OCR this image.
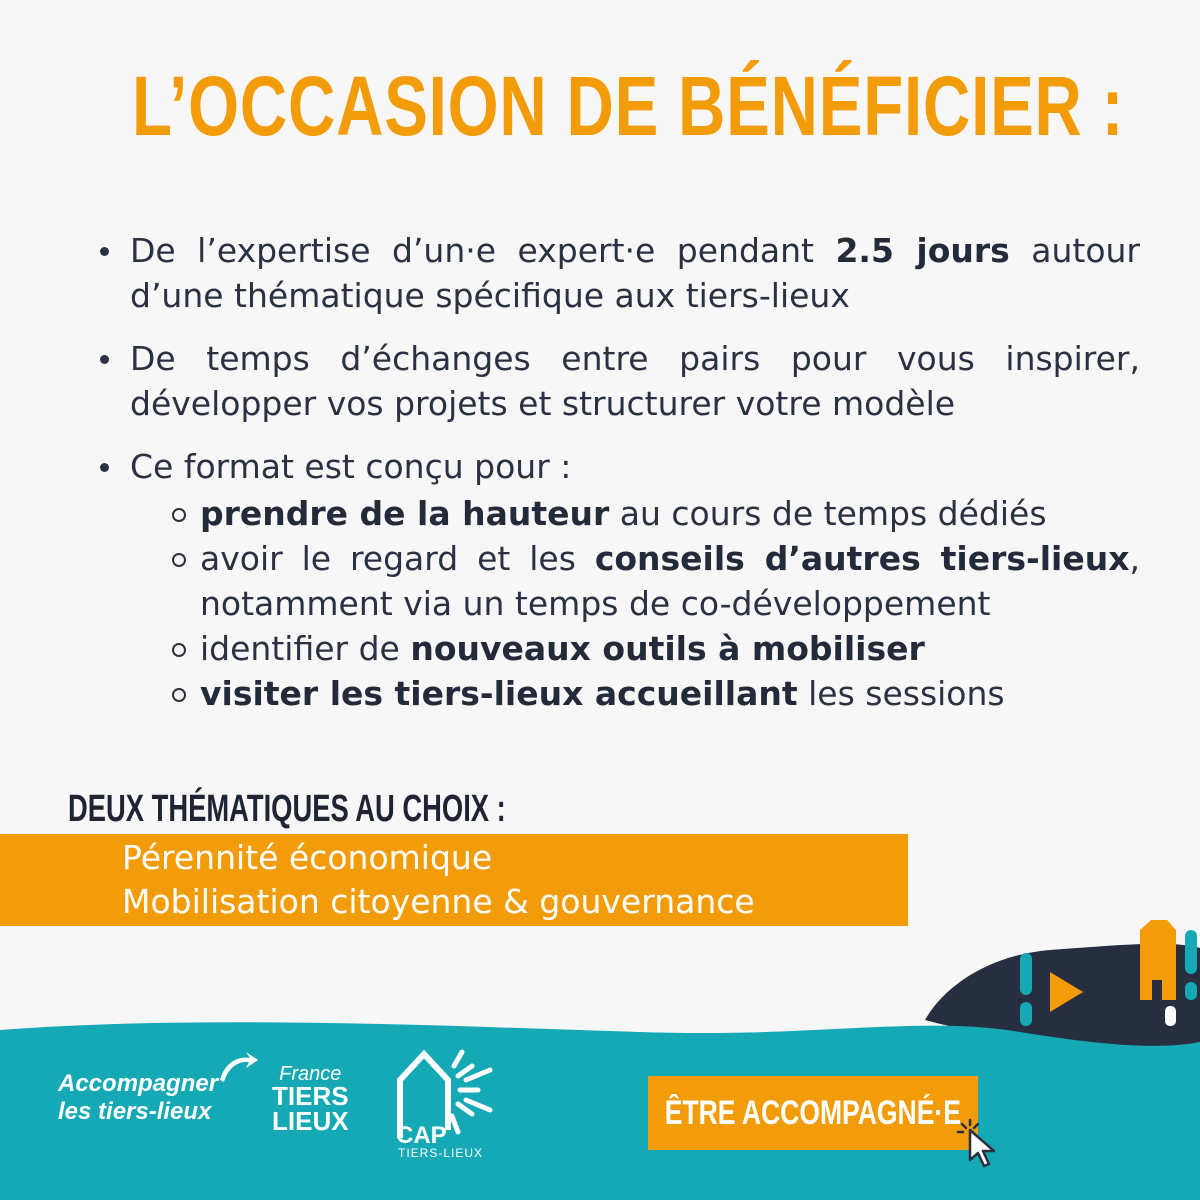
L’OCCASION DE BÉNÉFICIER :
De l’expertise d’un·e expert·e pendant 2.5 jours autour d’une thématique spécifique aux tiers-lieux
De temps d’échanges entre pairs pour vous inspirer, développer vos projets et structurer votre modèle
Ce format est conçu pour :
prendre de la hauteur au cours de temps dédiés
avoir le regard et les conseils d’autres tiers-lieux, notamment via un temps de co-développement
identifier de nouveaux outils à mobiliser
visiter les tiers-lieux accueillant les sessions
DEUX THÉMATIQUES AU CHOIX :
Pérennité économique
Mobilisation citoyenne & gouvernance
Accompagner
les tiers-lieux
France
TIERS
LIEUX CAP
TIERS-LIEUX
ÊTRE ACCOMPAGNÉ·E
